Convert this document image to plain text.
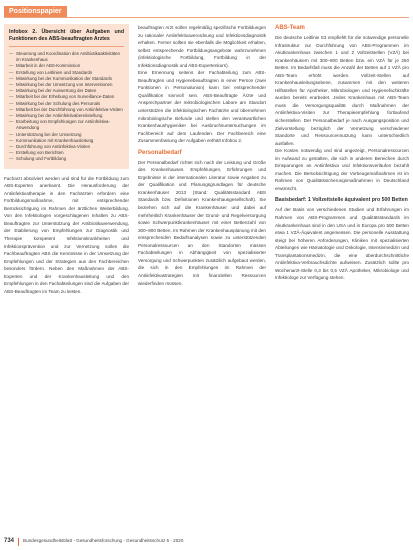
Positionspapier
Infobox 2. Übersicht über Aufgaben und Funktionen des ABS-beauftragten Arztes
— Steuerung und Koordination des Antibiotikaaktivitäten im Krankenhaus
— Mitarbeit in der ABS-Kommission
— Erstellung von Leitlinien und Standards
— Mitwirkung bei der Kommunikation der Standards
— Mitwirkung bei der Umsetzung von Interventionen
— Mitwirkung bei der Auswertung der Daten
— Mitarbeit bei der Erhebung von Surveillance-Daten
— Mitwirkung bei der Schulung des Personals
— Mitarbeit bei der Durchführung von Antiinfektiva-Visiten
— Mitwirkung bei der Antiinfektivabereitstellung
— Erarbeitung von Empfehlungen zur Antiinfektiva-Anwendung
— Unterstützung bei der Umsetzung
— Kommunikation mit Krankenhausleitung
— Durchführung von Antiinfektiva-Visiten
— Erstellung von Berichten
— Schulung und Fortbildung

Facharzt absolviert werden und sind für die Fortbildung zum ABS-Experten anerkannt. Die Herausforderung der Antiinfektivatherapie in den Fachärzten erfordern eine Fortbildungsmaßnahme, mit entsprechender Berücksichtigung im Rahmen der ärztlichen Weiterbildung. Von den Infektiologen vorgeschlagenen Inhalten zu ABS-Beauftragten zur Unterstützung der Antibiotikaverwendung, der Etablierung von Empfehlungen zur Diagnostik und Therapie kompetent Infektionskrankheiten und Infektionsprävention und zur Vernetzung sollen die Fachbeauftragten ABS die Kenntnisse in der Umsetzung der Empfehlungen und der Strategien aus den Fachbereichen besonders fördern. Neben den Maßnahmen der ABS-Experten und der Krankenhausleitung und den Empfehlungen in den Fachabteilungen sind die Aufgaben der ABS-Beauftragten im Team zu leisten.

beauftragten Arzt sollen regelmäßig spezifische Fortbildungen zu rationaler Antiinfektivaverordnung und Infektionsdiagnostik erhalten. Ferner sollten sie ebenfalls die Möglichkeit erhalten, selbst entsprechende Fortbildungsangebote wahrzunehmen (infektiologische Fortbildung, Fortbildung in der Infektionsdiagnostik und ABS-Expertenkurs).

Eine Ernennung seitens der Fachabteilung zum ABS-Beauftragten und Hygienebeauftragten in einer Person (zwei Funktionen in Personalunion) kann bei entsprechender Qualifikation sinnvoll sein. ABS-Beauftragte Ärzte und Ansprechpartner der mikrobiologischen Labore am Standort unterstützen die infektiologischen Fachärzte und übernehmen mikrobiologische Befunde und stellen den verantwortlichen Krankenhaushygieniker bei Ausbruchsuntersuchungen im Fachbereich auf dem Laufenden. Der Fachbereich eine Zusammenfassung der Aufgaben enthält Infobox 2.

Personalbedarf

Der Personalbedarf richtet sich nach der Leistung und Größe des Krankenhauses. Empfehlungen, Erfahrungen und Ergebnisse in der internationalen Literatur sowie Angaben zu der Qualifikation und Planungsgrundlagen für deutsche Krankenhäuser 2013 (Stand: Qualitätsstandard ABS Standards bzw. Definitionen Krankenhausgesellschaft). Sie beziehen sich auf die Krankenhäuser und dabei auf mehrheitlich Krankenhäuser der Grund- und Regelversorgung sowie Schwerpunktkrankenhäuser mit einer Bettenzahl von 300–800 Betten. Im Rahmen der Krankenhausplanung mit den entsprechenden Bedarfsanalysen sowie zu unterstützenden Personalressourcen an den Standorten müssen Fachabteilungen in Abhängigkeit von spezialisierter Versorgung und Schwerpunkten zusätzlich aufgebaut werden, die sich in den Empfehlungen im Rahmen der Antiinfektivastrategien mit finanziellen Ressourcen wiederfinden müssen.

ABS-Team

Die deutsche Leitlinie S3 empfiehlt für die notwendige personelle Infrastruktur zur Durchführung von ABS-Programmen im Akutkrankenhaus zwischen 1 und 2 Vollzeitstellen (VZÄ) bei Krankenhäusern mit 300–800 Betten bzw. ein VZÄ für je 250 Betten. Im Bedarfsfall muss die Anzahl der Betten auf 1 VZÄ pro ABS-Team erhöht werden. Vollzeit-Stellen auf Krankenhausleitungsebene, zusammen mit den weiteren Hilfsstellen für Apotheker, Mikrobiologen und Hygienefachkräfte wurden bereits erarbeitet. Jedes Krankenhaus mit ABS-Team muss die Versorgungsqualität durch Maßnahmen der Antiinfektiva-Visiten zur Therapieempfehlung fortlaufend sicherstellen. Der Personalbedarf je nach Ausgangsposition und Zielvorstellung bezüglich der Vernetzung verschiedener Standorte und Ressourcennutzung kann unterschiedlich ausfallen.

Die Kosten notwendig und sind angezeigt, Personalressourcen im Aufwand zu gestalten, die sich in anderen Bereichen durch Einsparungen an Antiinfektiva und Infektionsverläufen bezahlt machen. Die Berücksichtigung der Vorbeugemaßnahmen ist im Rahmen von Qualitätssicherungsmaßnahmen in Deutschland erwünscht.

Basisbedarf: 1 Vollzeitstelle äquivalent pro 500 Betten

Auf der Basis von verschiedenen Studien und Erfahrungen im Rahmen von ABS-Programmen und Qualitätsstandards im Akutkrankenhaus sind in den USA und in Europa pro 500 Betten etwa 1 VZÄ-Äquivalent angemessen. Die personelle Ausstattung steigt bei höheren Anforderungen, Kliniken mit spezialisierten Abteilungen wie Hämatologie und Onkologie, Intensivmedizin und Transplantationsmedizin, die eine überdurchschnittliche Antiinfektiva-Verbrauchsdichte aufweisen. Zusätzlich sollte pro Wochenarzt-Stelle 0,3 bis 0,5 VZÄ Apotheker, Mikrobiologe und Infektiologe zur Verfügung stehen.

734 Bundesgesundheitsblatt - Gesundheitsforschung - Gesundheitsschutz 6 · 2020
